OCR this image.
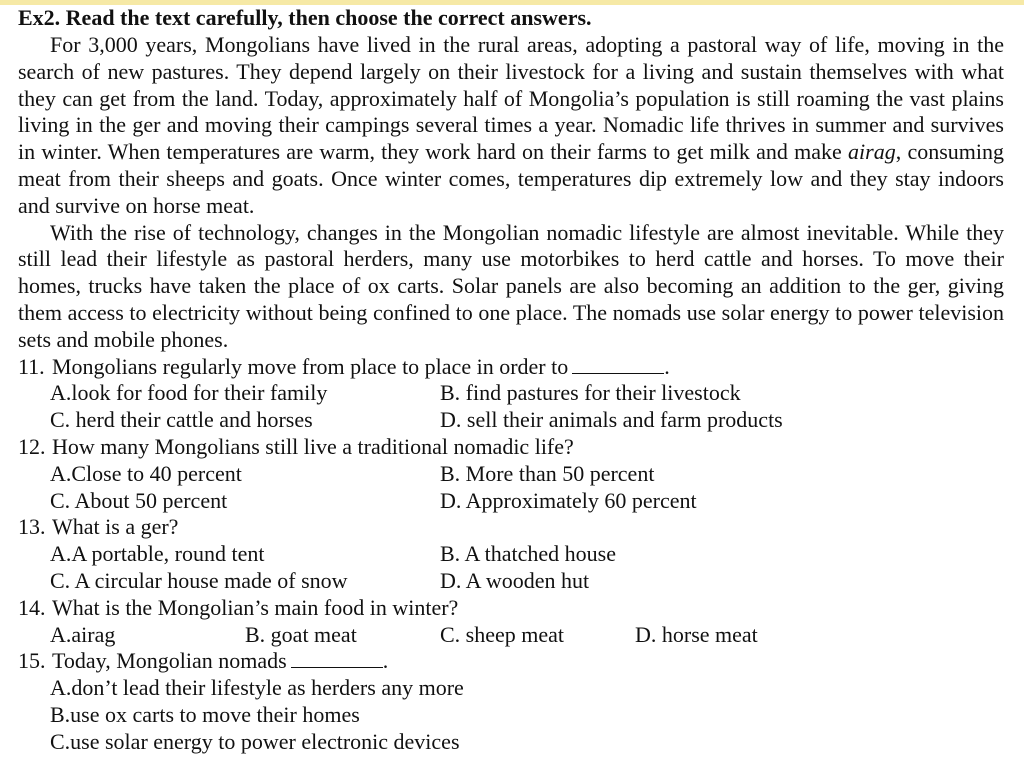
Ex2. Read the text carefully, then choose the correct answers.

For 3,000 years, Mongolians have lived in the rural areas, adopting a pastoral way of life, moving in the search of new pastures. They depend largely on their livestock for a living and sustain themselves with what they can get from the land. Today, approximately half of Mongolia’s population is still roaming the vast plains living in the ger and moving their campings several times a year. Nomadic life thrives in summer and survives in winter. When temperatures are warm, they work hard on their farms to get milk and make airag, consuming meat from their sheeps and goats. Once winter comes, temperatures dip extremely low and they stay indoors and survive on horse meat.

With the rise of technology, changes in the Mongolian nomadic lifestyle are almost inevitable. While they still lead their lifestyle as pastoral herders, many use motorbikes to herd cattle and horses. To move their homes, trucks have taken the place of ox carts. Solar panels are also becoming an addition to the ger, giving them access to electricity without being confined to one place. The nomads use solar energy to power television sets and mobile phones.

11. Mongolians regularly move from place to place in order to	.
A.look for food for their family	B. find pastures for their livestock
C. herd their cattle and horses	D. sell their animals and farm products
12. How many Mongolians still live a traditional nomadic life?
A.Close to 40 percent	B. More than 50 percent
C. About 50 percent	D. Approximately 60 percent
13. What is a ger?
A.A portable, round tent	B. A thatched house
C. A circular house made of snow	D. A wooden hut
14. What is the Mongolian’s main food in winter?
A.airag	B. goat meat	C. sheep meat	D. horse meat
15. Today, Mongolian nomads	.
A.don’t lead their lifestyle as herders any more
B.use ox carts to move their homes
C.use solar energy to power electronic devices
